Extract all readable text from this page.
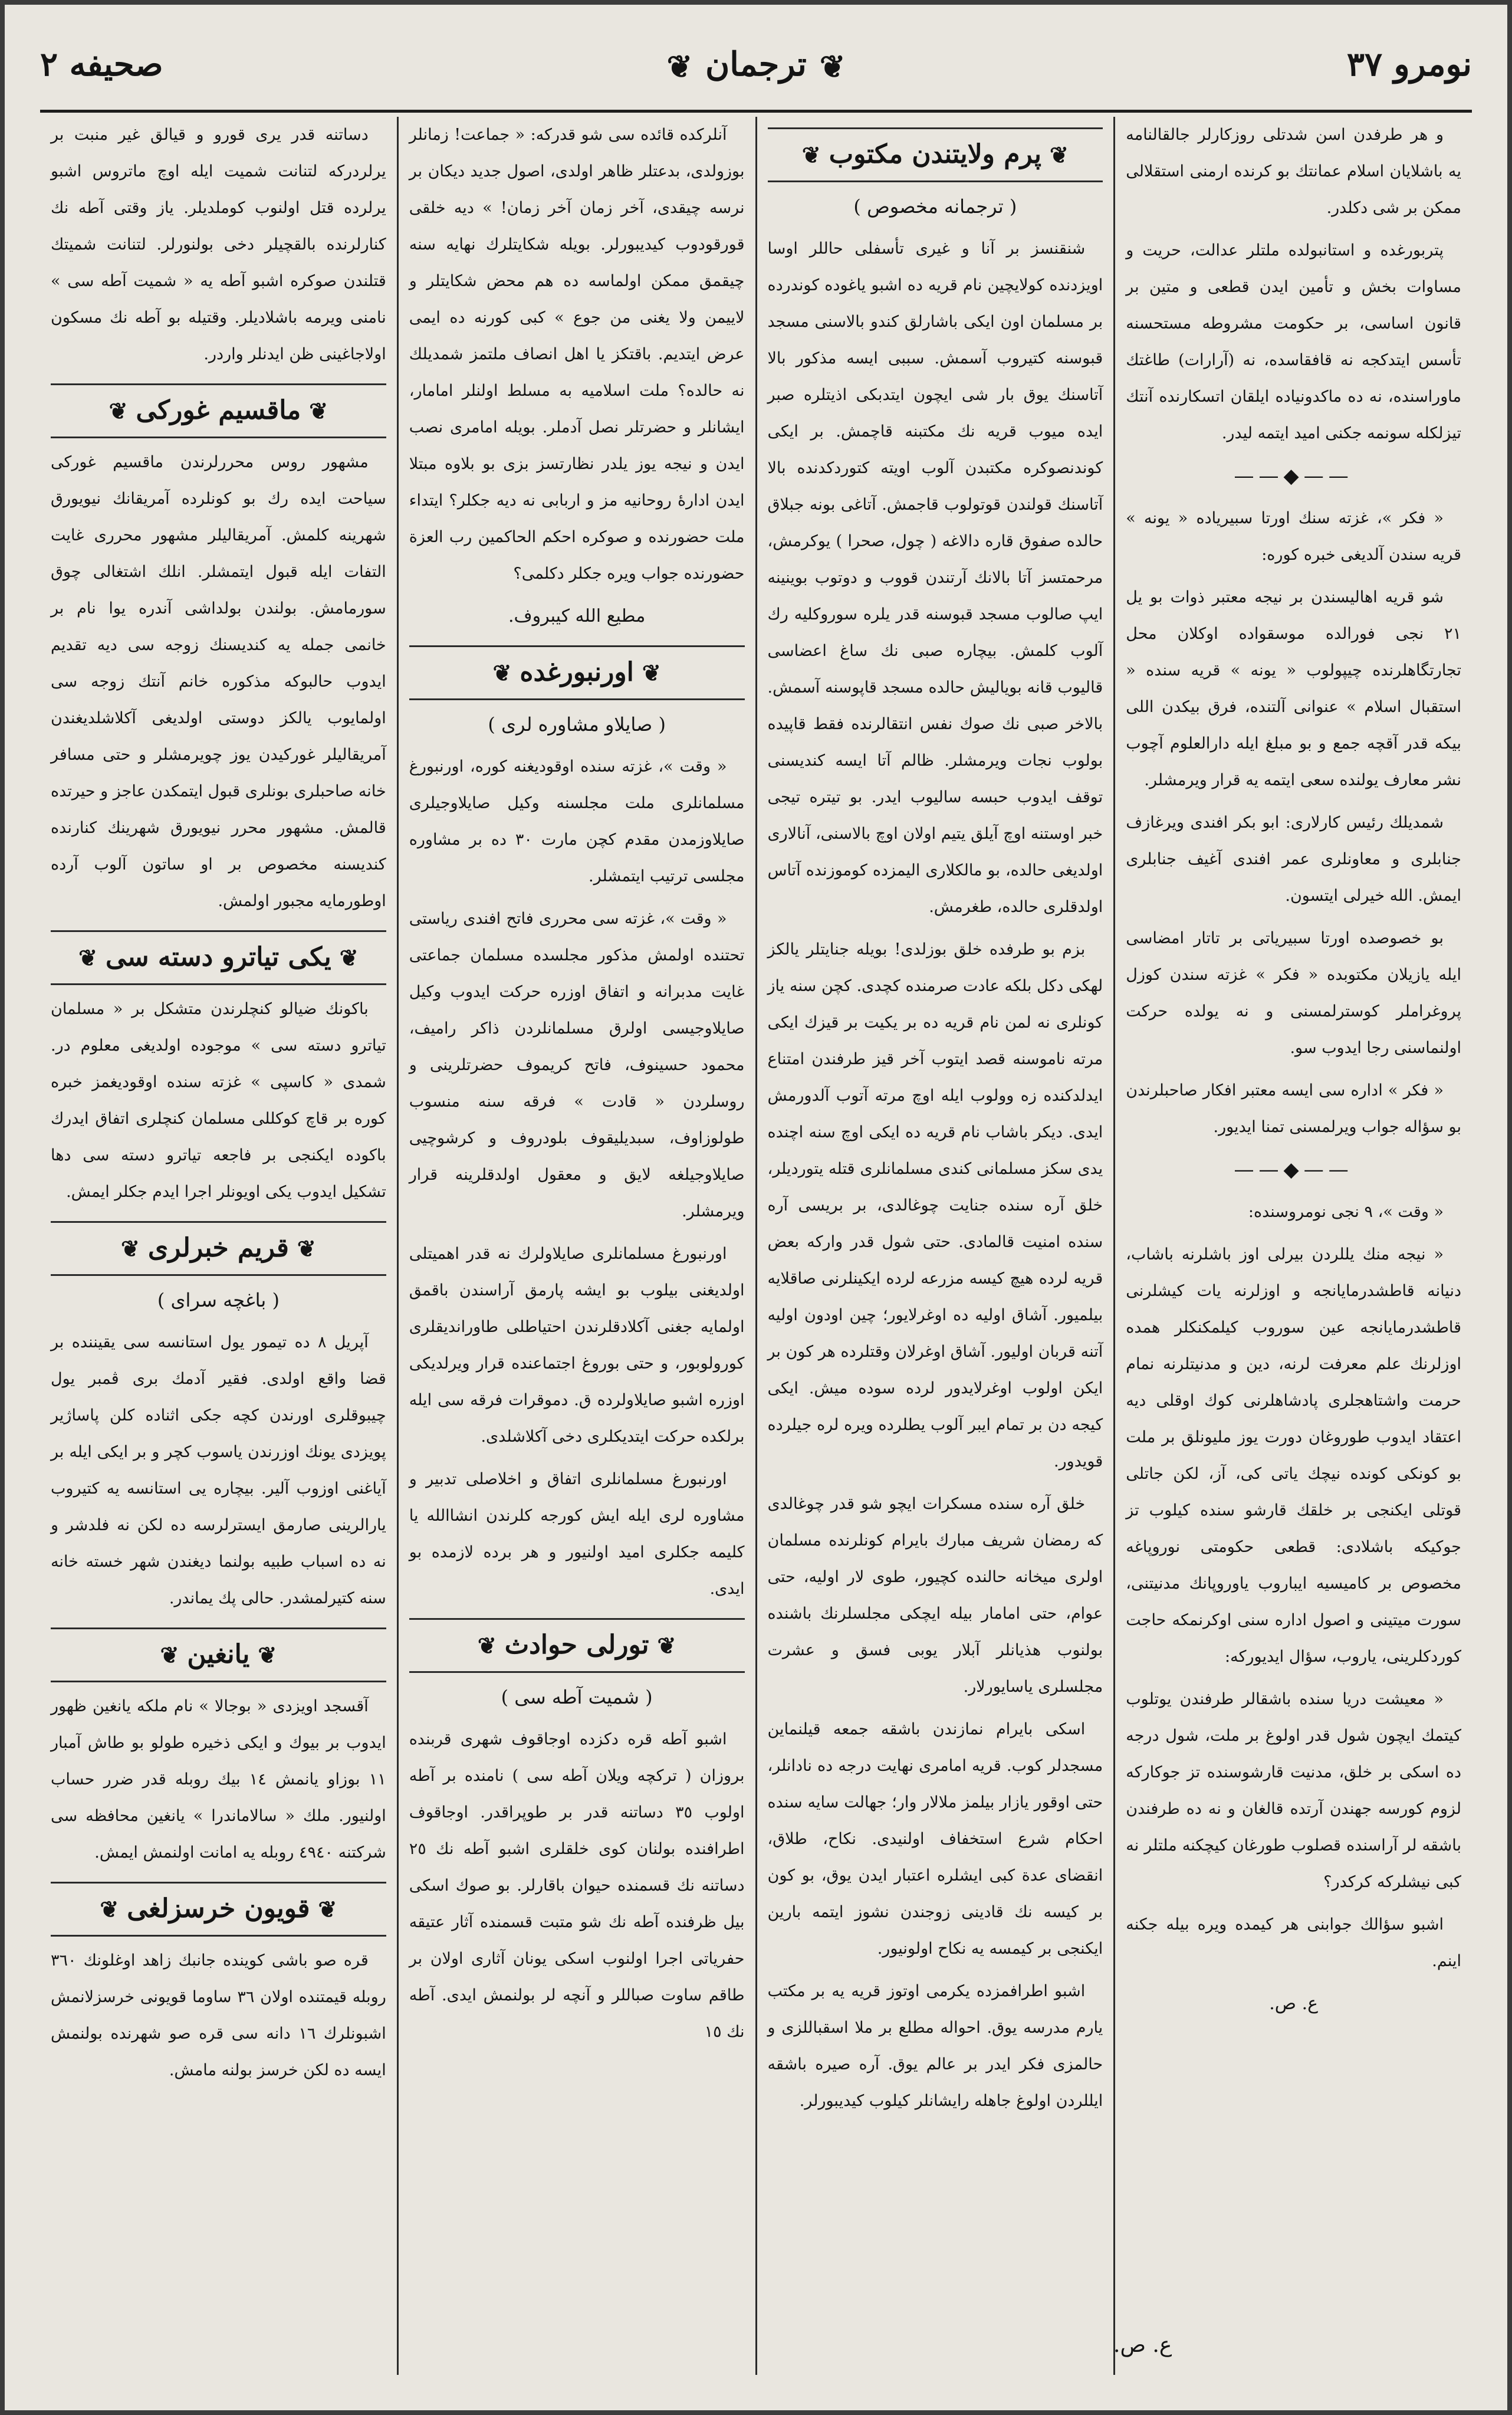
نومرو ٣٧
❦ ترجمان ❦
صحيفه ٢

و هر طرفدن اسن شدتلی روزکارلر جالقالنامه يه باشلايان اسلام عمانتك بو كرنده ارمنی استقلالی ممكن بر شی دكلدر.

پتربورغده و استانبولده ملتلر عدالت، حريت و مساوات بخش و تأمين ايدن قطعی و متين بر قانون اساسی، بر حكومت مشروطه مستحسنه تأسس ايتدكجه نه قافقاسده، نه (آرارات) طاغتك ماوراسنده، نه ده ماكدونياده ايلقان اتسكارنده آنتك تيزلكله سونمه جكنی اميد ايتمه ليدر.

——◆——

« فكر »، غزته سنك اورتا سبيرياده « يونه » قريه سندن آلديغی خبره كوره:

شو قريه اهاليسندن بر نيجه معتبر ذوات بو يل ٢١ نجی فورالده موسقواده اوكلان محل تجارتگاهلرنده چيپولوب « يونه » قريه سنده « استقبال اسلام » عنوانی آلتنده، فرق بيكدن اللی بيكه قدر آقچه جمع و بو مبلغ ايله دارالعلوم آچوب نشر معارف يولنده سعی ايتمه يه قرار ويرمشلر.

شمديلك رئيس كارلاری: ابو بكر افندی ويرغازف جنابلری و معاونلری عمر افندی آغيف جنابلری ايمش. الله خيرلی ايتسون.

بو خصوصده اورتا سبيرياتی بر تاتار امضاسی ايله يازيلان مكتوبده « فكر » غزته سندن كوزل پروغراملر كوسترلمسنی و نه يولده حركت اولنماسنی رجا ايدوب سو.

« فكر » اداره سی ايسه معتبر افكار صاحبلرندن بو سؤاله جواب ويرلمسنی تمنا ايديور.

——◆——

« وقت »، ٩ نجی نومروسنده:

« نيجه منك يللردن بيرلی اوز باشلرنه باشاب، دنيانه قاطشدرمايانجه و اوزلرنه يات كيشلرنی قاطشدرمايانجه عين سوروب كيلمكنكلر همده اوزلرنك علم معرفت لرنه، دين و مدنيتلرنه نمام حرمت واشتاهجلری پادشاهلرنی كوك اوقلی ديه اعتقاد ايدوب طوروغان دورت يوز مليونلق بر ملت بو كونكی كونده نيچك ياتی كی، آز، لكن جاتلی قوتلی ايكنجی بر خلقك قارشو سنده كيلوب تز جوكيكه باشلادی: قطعی حكومتی نوروپاغه مخصوص بر كاميسيه ايباروب ياوروپانك مدنيتنی، سورت ميتينی و اصول اداره سنی اوكرنمكه حاجت كوردكلرينی، ياروب، سؤال ايديورکه:

« معيشت دريا سنده باشقالر طرفندن يوتلوب كيتمك ايچون شول قدر اولوغ بر ملت، شول درجه ده اسكی بر خلق، مدنيت قارشوسنده تز جوكارکه لزوم كورسه جهندن آرتده قالغان و نه ده طرفندن باشقه لر آراسنده قصلوب طورغان كيچكنه ملتلر نه كبی نيشلركه كركدر؟

اشبو سؤالك جوابنی هر كيمده ويره بيله جكنه اينم.

ع. ص.
❦ پرم ولايتندن مكتوب ❦
( ترجمانه مخصوص )

شنقنسز بر آنا و غيری تأسفلی حاللر اوسا اويزدنده كولايچين نام قريه ده اشبو ياغوده كوندرده بر مسلمان اون ايكی باشارلق كندو بالاسنی مسجد قبوسنه كتيروب آسمش. سببی ايسه مذكور بالا آتاسنك يوق بار شی ايچون ايتدبكی اذيتلره صبر ايده ميوب قريه نك مكتبنه قاچمش. بر ايكی كوندنصوكره مكتبدن آلوب اويته كتوردكدنده بالا آتاسنك قولندن قوتولوب قاجمش. آتاغی بونه جبلاق حالده صفوق قاره دالاغه ( چول، صحرا ) يوكرمش، مرحمتسز آتا بالانك آرتندن قووب و دوتوب بوينينه ايپ صالوب مسجد قبوسنه قدر يلره سوروكليه رك آلوب كلمش. بيچاره صبی نك ساغ اعضاسی قاليوب قانه بوياليش حالده مسجد قاپوسنه آسمش. بالاخر صبی نك صوك نفس انتقالرنده فقط قاپيده بولوب نجات ويرمشلر. ظالم آتا ايسه كنديسنی توقف ايدوب حبسه ساليوب ايدر. بو تيتره تيجی خبر اوستنه اوچ آيلق يتيم اولان اوچ بالاسنی، آنالاری اولديغی حالده، بو مالكلاری اليمزده كوموزنده آتاس اولدقلری حالده، طغرمش.

بزم بو طرفده خلق بوزلدی! بويله جنايتلر يالكز لهكی دكل بلكه عادت صرمنده كچدی. كچن سنه ياز كونلری نه لمن نام قريه ده بر يكيت بر قيزك ايكی مرته ناموسنه قصد ايتوب آخر قيز طرفندن امتناع ايدلدكنده زه وولوب ايله اوچ مرته آتوب آلدورمش ايدی. ديكر باشاب نام قريه ده ايكی اوچ سنه اچنده يدی سكز مسلمانی كندی مسلمانلری قتله يتورديلر، خلق آره سنده جنايت چوغالدی، بر بريسی آره سنده امنيت قالمادی. حتی شول قدر وارکه بعض قريه لرده هيچ كيسه مزرعه لرده ايكينلرنی صاقلايه بيلميور. آشاق اوليه ده اوغرلايور؛ چين اودون اوليه آتنه قربان اوليور. آشاق اوغرلان وقتلرده هر كون بر ايكن اولوب اوغرلايدور لرده سوده ميش. ايكی كيجه دن بر تمام ايبر آلوب يطلرده ويره لره جيلرده قويدور.

خلق آره سنده مسكرات ايچو شو قدر چوغالدی كه رمضان شريف مبارك بايرام كونلرنده مسلمان اولری ميخانه حالنده كچيور، طوی لار اوليه، حتی عوام، حتی امامار بيله ايچكی مجلسلرنك باشنده بولنوب هذيانلر آبلار يوبی فسق و عشرت مجلسلری ياسايورلار.

اسكی بايرام نمازندن باشقه جمعه قيلنماين مسجدلر كوب. قريه امامری نهايت درجه ده نادانلر، حتی اوقور يازار بيلمز ملالار وار؛ جهالت سايه سنده احكام شرع استخفاف اولنيدی. نكاح، طلاق، انقضای عدة كبی ايشلره اعتبار ايدن يوق، بو كون بر كيسه نك قادينی زوجندن نشوز ايتمه بارين ايكنجی بر كيمسه يه نكاح اولونيور.

اشبو اطرافمزده يكرمی اوتوز قريه يه بر مكتب يارم مدرسه يوق. احواله مطلع بر ملا اسقباللزی و حالمزی فكر ايدر بر عالم يوق. آره صيره باشقه ايللردن اولوغ جاهله رايشانلر كيلوب كيديبورلر.

آنلركده قائده سی شو قدركه: « جماعت! زمانلر بوزولدی، بدعتلر ظاهر اولدی، اصول جديد ديكان بر نرسه چيقدی، آخر زمان آخر زمان! » ديه خلقی قورقودوب كيديبورلر. بويله شكايتلرك نهايه سنه چيقمق ممكن اولماسه ده هم محض شكايتلر و لاييمن ولا يغنی من جوع » كبی كورنه ده ايمی عرض ايتديم. باقتكز يا اهل انصاف ملتمز شمديلك نه حالده؟ ملت اسلاميه به مسلط اولنلر امامار، ايشانلر و حضرتلر نصل آدملر. بويله امامری نصب ايدن و نيجه يوز يلدر نظارتسز بزی بو بلاوه مبتلا ايدن ادارۀ روحانيه مز و اربابی نه ديه جكلر؟ ايتداء ملت حضورنده و صوكره احكم الحاكمين رب العزة حضورنده جواب ويره جكلر دكلمی؟

مطيع الله كيبروف.
❦ اورنبورغده ❦
( صايلاو مشاوره لری )

« وقت »، غزته سنده اوقوديغنه كوره، اورنبورغ مسلمانلری ملت مجلسنه وكيل صايلاوجيلری صايلاوزمدن مقدم كچن مارت ٣٠ ده بر مشاوره مجلسی ترتيب ايتمشلر.

« وقت »، غزته سی محرری فاتح افندی رياستی تحتنده اولمش مذكور مجلسده مسلمان جماعتی غايت مدبرانه و اتفاق اوزره حركت ايدوب وكيل صايلاوجيسی اولرق مسلمانلردن ذاكر راميف، محمود حسينوف، فاتح كريموف حضرتلرينی و روسلردن « قادت » فرقه سنه منسوب طولوزاوف، سبديليقوف بلودروف و كرشوچيی صايلاوجيلغه لايق و معقول اولدقلرينه قرار ويرمشلر.

اورنبورغ مسلمانلری صايلاولرك نه قدر اهميتلی اولديغنی بيلوب بو ايشه پارمق آراسندن باقمق اولمايه جغنی آكلادقلرندن احتياطلی طاورانديقلری كورولوبور، و حتی بوروغ اجتماعنده قرار ويرلديكی اوزره اشبو صايلاولرده ق. دموقرات فرقه سی ايله برلكده حركت ايتديكلری دخی آكلاشلدی.

اورنبورغ مسلمانلری اتفاق و اخلاصلی تدبير و مشاوره لری ايله ايش كورجه كلرندن انشاالله يا كليمه جكلری اميد اولنيور و هر برده لازمده بو ايدی.

❦ تورلی حوادث ❦
( شميت آطه سی )

اشبو آطه قره دكزده اوجاقوف شهری قربنده بروزان ( تركچه ويلان آطه سی ) نامنده بر آطه اولوب ٣٥ دساتنه قدر بر طوپراقدر. اوجاقوف اطرافنده بولنان كوی خلقلری اشبو آطه نك ٢٥ دساتنه نك قسمنده حيوان باقارلر. بو صوك اسكی بيل ظرفنده آطه نك شو متبت قسمنده آثار عتيقه حفرياتی اجرا اولنوب اسكی يونان آثاری اولان بر طاقم ساوت صباللر و آنچه لر بولنمش ايدی. آطه نك ١٥

دساتنه قدر يری قورو و قيالق غير منبت بر يرلردركه لتنانت شميت ايله اوچ ماتروس اشبو يرلرده قتل اولنوب كوملديلر. ياز وقتی آطه نك كنارلرنده بالقچيلر دخی بولنورلر. لتنانت شميتك قتلندن صوكره اشبو آطه يه « شميت آطه سی » نامنی ويرمه باشلاديلر. وقتيله بو آطه نك مسكون اولاجاغينی ظن ايدنلر واردر.

❦ ماقسيم غوركی ❦

مشهور روس محررلرندن ماقسيم غوركی سياحت ايده رك بو كونلرده آمريقانك نيويورق شهرينه كلمش. آمريقاليلر مشهور محرری غايت التفات ايله قبول ايتمشلر. انلك اشتغالی چوق سورمامش. بولندن بولداشی آندره يوا نام بر خانمی جمله يه كنديسنك زوجه سی ديه تقديم ايدوب حالبوكه مذكوره خانم آنتك زوجه سی اولمايوب يالكز دوستی اولديغی آكلاشلديغندن آمريقاليلر غوركيدن يوز چويرمشلر و حتی مسافر خانه صاحبلری بونلری قبول ايتمكدن عاجز و حيرتده قالمش. مشهور محرر نيويورق شهرينك كنارنده كنديسنه مخصوص بر او ساتون آلوب آرده اوطورمايه مجبور اولمش.

❦ يكی تياترو دسته سی ❦

باكونك ضيالو كنچلرندن متشكل بر « مسلمان تياترو دسته سی » موجوده اولديغی معلوم در. شمدی « كاسپی » غزته سنده اوقوديغمز خبره كوره بر قاچ كوكللی مسلمان كنچلری اتفاق ايدرك باكوده ايكنجی بر فاجعه تياترو دسته سی دها تشكيل ايدوب يكی اويونلر اجرا ايدم جكلر ايمش.

❦ قريم خبرلری ❦
( باغچه سرای )

آپريل ٨ ده تيمور يول استانسه سی يقيننده بر قضا واقع اولدی. فقير آدمك بری ڤمبر يول چيبوقلری اورندن كچه جكی اثناده كلن پاساژير پويزدی يونك اوزرندن ياسوب كچر و بر ايكی ايله بر آياغنی اوزوب آلير. بيچاره يی استانسه يه كتيروب يارالرينی صارمق ايسترلرسه ده لكن نه فلدشر و نه ده اسباب طبيه بولنما ديغندن شهر خسته خانه سنه كتيرلمشدر. حالی پك يماندر.

❦ يانغين ❦

آقسجد اويزدی « بوجالا » نام ملكه يانغين ظهور ايدوب بر بيوك و ايكی ذخيره طولو بو طاش آمبار ١١ بوزاو يانمش ١٤ بيك روبله قدر ضرر حساب اولنيور. ملك « سالاماندرا » يانغين محافظه سی شركتنه ٤٩٤٠ روبله يه امانت اولنمش ايمش.

❦ قويون خرسزلغی ❦

قره صو باشی كوينده جانبك زاهد اوغلونك ٣٦٠ روبله قيمتنده اولان ٣٦ ساوما قويونی خرسزلانمش اشبونلرك ١٦ دانه سی قره صو شهرنده بولنمش ايسه ده لكن خرسز بولنه مامش.

ع. ص.
